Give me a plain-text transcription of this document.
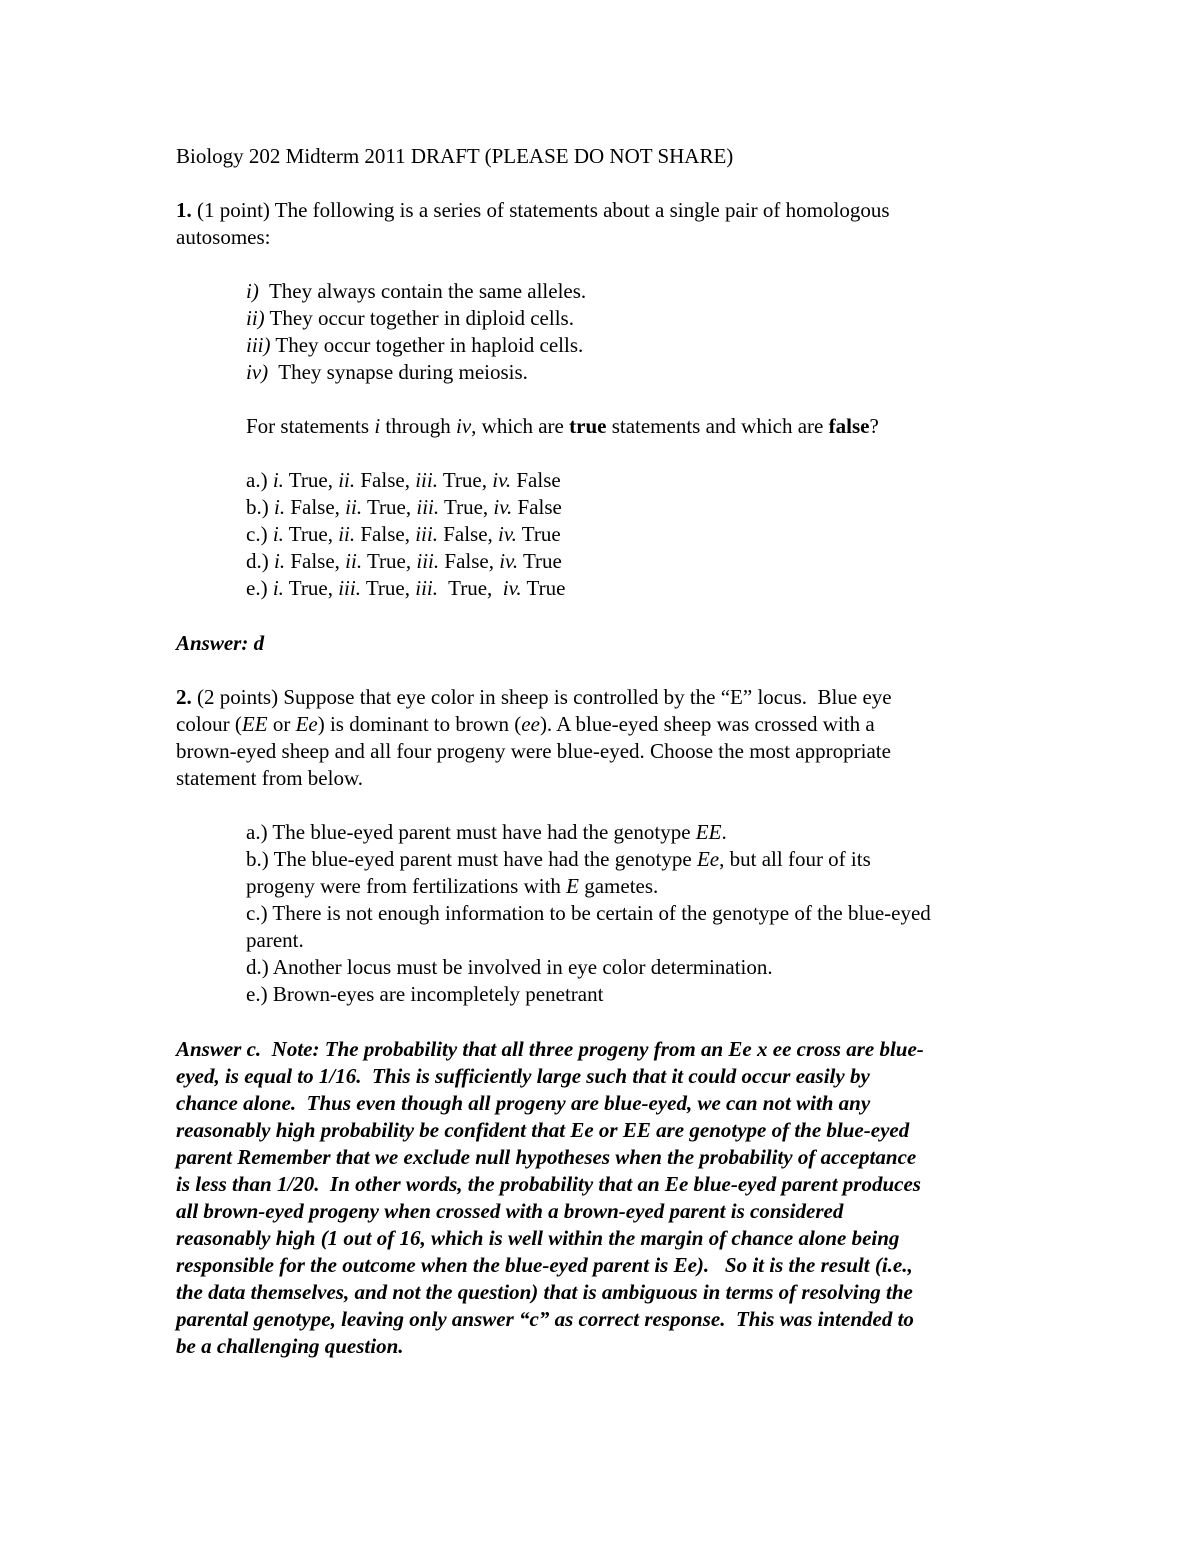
Biology 202 Midterm 2011 DRAFT (PLEASE DO NOT SHARE)
1. (1 point) The following is a series of statements about a single pair of homologous
autosomes:
i)  They always contain the same alleles.
ii) They occur together in diploid cells.
iii) They occur together in haploid cells.
iv)  They synapse during meiosis.
For statements i through iv, which are true statements and which are false?
a.) i. True, ii. False, iii. True, iv. False
b.) i. False, ii. True, iii. True, iv. False
c.) i. True, ii. False, iii. False, iv. True
d.) i. False, ii. True, iii. False, iv. True
e.) i. True, iii. True, iii.  True,  iv. True
Answer: d
2. (2 points) Suppose that eye color in sheep is controlled by the “E” locus.  Blue eye
colour (EE or Ee) is dominant to brown (ee). A blue-eyed sheep was crossed with a
brown-eyed sheep and all four progeny were blue-eyed. Choose the most appropriate
statement from below.
a.) The blue-eyed parent must have had the genotype EE.
b.) The blue-eyed parent must have had the genotype Ee, but all four of its
progeny were from fertilizations with E gametes.
c.) There is not enough information to be certain of the genotype of the blue-eyed
parent.
d.) Another locus must be involved in eye color determination.
e.) Brown-eyes are incompletely penetrant
Answer c.  Note: The probability that all three progeny from an Ee x ee cross are blue-
eyed, is equal to 1/16.  This is sufficiently large such that it could occur easily by
chance alone.  Thus even though all progeny are blue-eyed, we can not with any
reasonably high probability be confident that Ee or EE are genotype of the blue-eyed
parent Remember that we exclude null hypotheses when the probability of acceptance
is less than 1/20.  In other words, the probability that an Ee blue-eyed parent produces
all brown-eyed progeny when crossed with a brown-eyed parent is considered
reasonably high (1 out of 16, which is well within the margin of chance alone being
responsible for the outcome when the blue-eyed parent is Ee).   So it is the result (i.e.,
the data themselves, and not the question) that is ambiguous in terms of resolving the
parental genotype, leaving only answer “c” as correct response.  This was intended to
be a challenging question.
